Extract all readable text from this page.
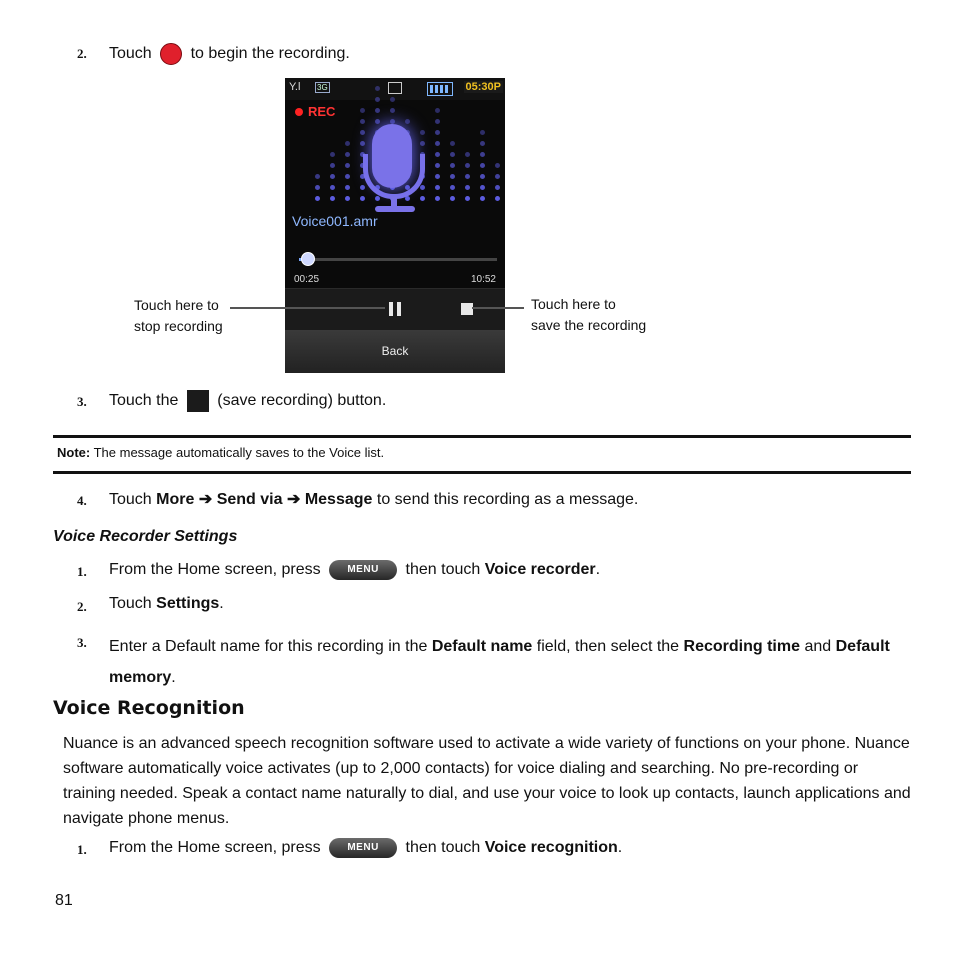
2. Touch to begin the recording.
Y.l 3G	05:30P
REC
Voice001.amr
00:25	10:52
Back
Touch here to
stop recording
Touch here to
save the recording
3. Touch the (save recording) button.
Note: The message automatically saves to the Voice list.
4. Touch More ➔ Send via ➔ Message to send this recording as a message.
Voice Recorder Settings
1. From the Home screen, press	MENU then touch Voice recorder.
2. Touch Settings.
3. Enter a Default name for this recording in the Default name field, then select the Recording time and Default
memory.
Voice Recognition
Nuance is an advanced speech recognition software used to activate a wide variety of functions on your phone. Nuance software automatically voice activates (up to 2,000 contacts) for voice dialing and searching. No pre-recording or training needed. Speak a contact name naturally to dial, and use your voice to look up contacts, launch applications and navigate phone menus.
1. From the Home screen, press	MENU then touch Voice recognition.
81
